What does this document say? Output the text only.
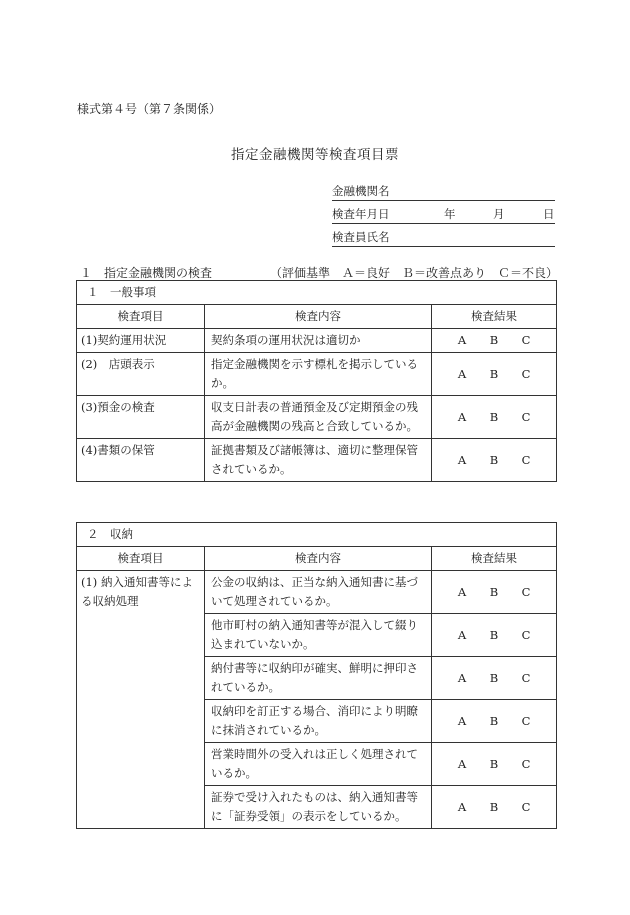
様式第４号（第７条関係）
指定金融機関等検査項目票
金融機関名
検査年月日	年	月	日
検査員氏名
１　指定金融機関の検査	（評価基準　Ａ＝良好　Ｂ＝改善点あり　Ｃ＝不良）
１　一般事項		
検査項目	検査内容	検査結果
(1)契約運用状況	契約条項の運用状況は適切か	A B C

(2)　店頭表示	指定金融機関を示す標札を掲示しているか。	A B C

(3)預金の検査	収支日計表の普通預金及び定期預金の残高が金融機関の残高と合致しているか。	A B C

(4)書類の保管	証拠書類及び諸帳簿は、適切に整理保管されているか。	A B C
２　収納		
検査項目	検査内容	検査結果
(1) 納入通知書等による収納処理	公金の収納は、正当な納入通知書に基づいて処理されているか。	A B C

	他市町村の納入通知書等が混入して綴り込まれていないか。	A B C

	納付書等に収納印が確実、鮮明に押印されているか。	A B C

	収納印を訂正する場合、消印により明瞭に抹消されているか。	A B C

	営業時間外の受入れは正しく処理されているか。	A B C

	証券で受け入れたものは、納入通知書等に「証券受領」の表示をしているか。	A B C
